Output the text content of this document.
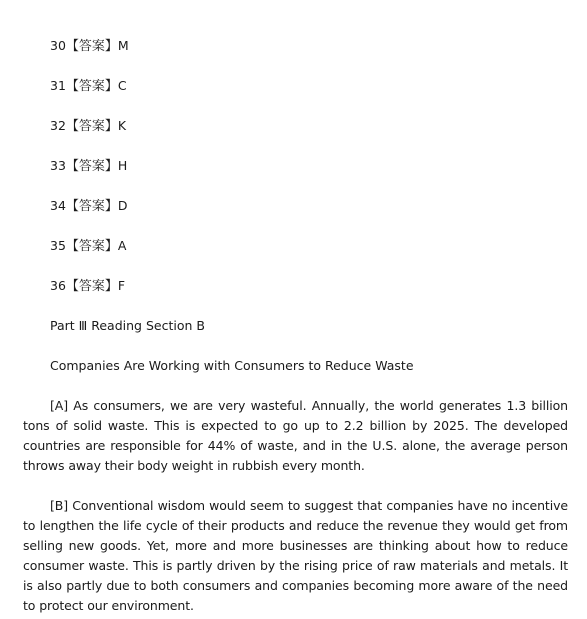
30【答案】M
31【答案】C
32【答案】K
33【答案】H
34【答案】D
35【答案】A
36【答案】F
Part Ⅲ Reading Section B
Companies Are Working with Consumers to Reduce Waste

[A] As consumers, we are very wasteful. Annually, the world generates 1.3 billion tons of solid waste. This is expected to go up to 2.2 billion by 2025. The developed countries are responsible for 44% of waste, and in the U.S. alone, the average person throws away their body weight in rubbish every month.

[B] Conventional wisdom would seem to suggest that companies have no incentive to lengthen the life cycle of their products and reduce the revenue they would get from selling new goods. Yet, more and more businesses are thinking about how to reduce consumer waste. This is partly driven by the rising price of raw materials and metals. It is also partly due to both consumers and companies becoming more aware of the need to protect our environment.
